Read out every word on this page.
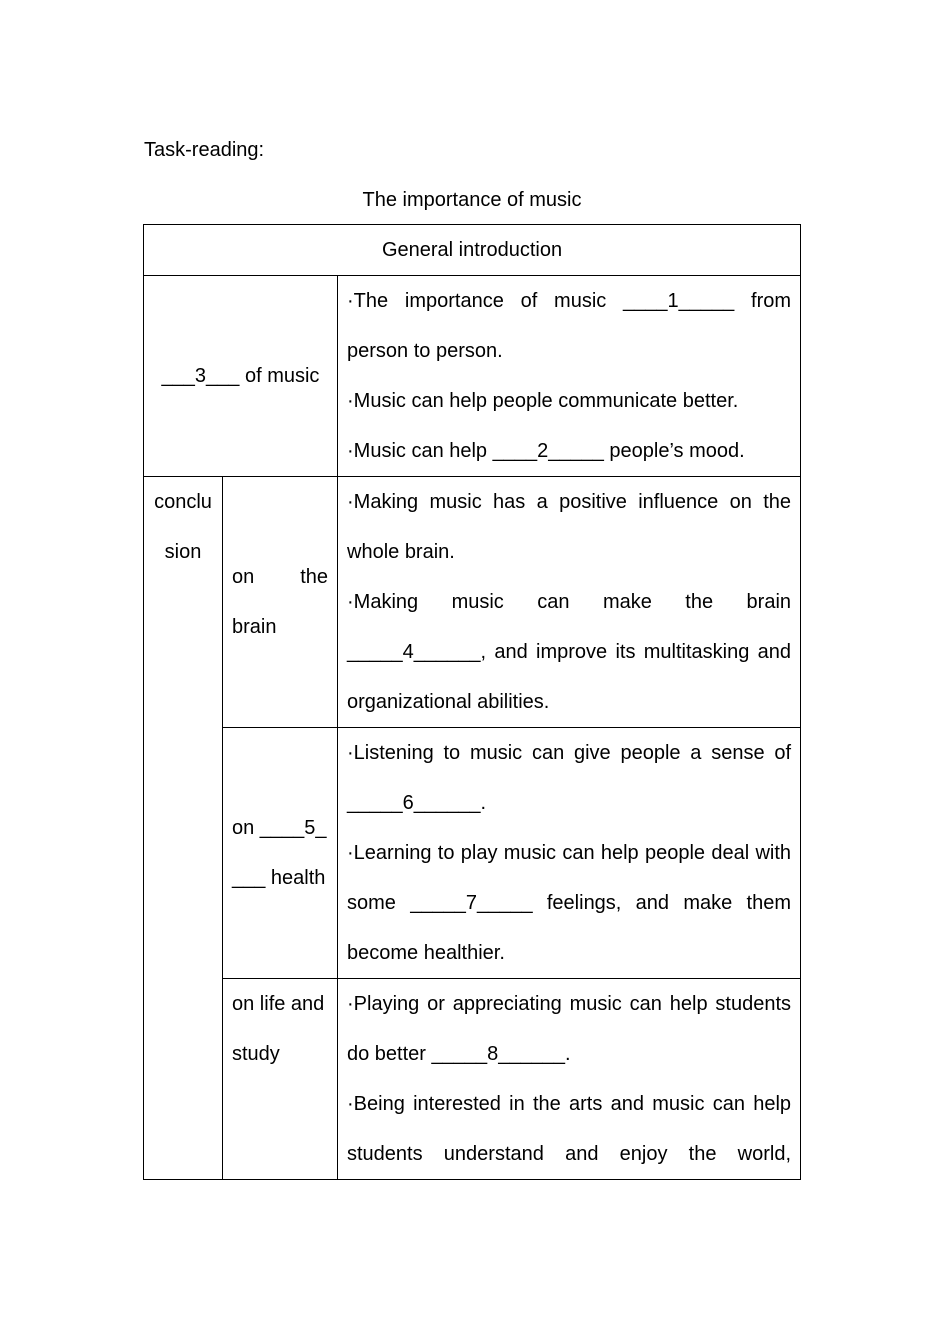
Task-reading:
The importance of music
General introduction		
___3___ of music		·The importance of music ____1_____ from person to person.
·Music can help people communicate better.
·Music can help ____2_____ people’s mood.

conclusion	on the brain	·Making music has a positive influence on the whole brain.
·Making music can make the brain _____4______, and improve its multitasking and organizational abilities.

	on ____5____ health	·Listening to music can give people a sense of _____6______.
·Learning to play music can help people deal with some _____7_____ feelings, and make them become healthier.

	on life and study	·Playing or appreciating music can help students do better _____8______.
·Being interested in the arts and music can help students understand and enjoy the world,
